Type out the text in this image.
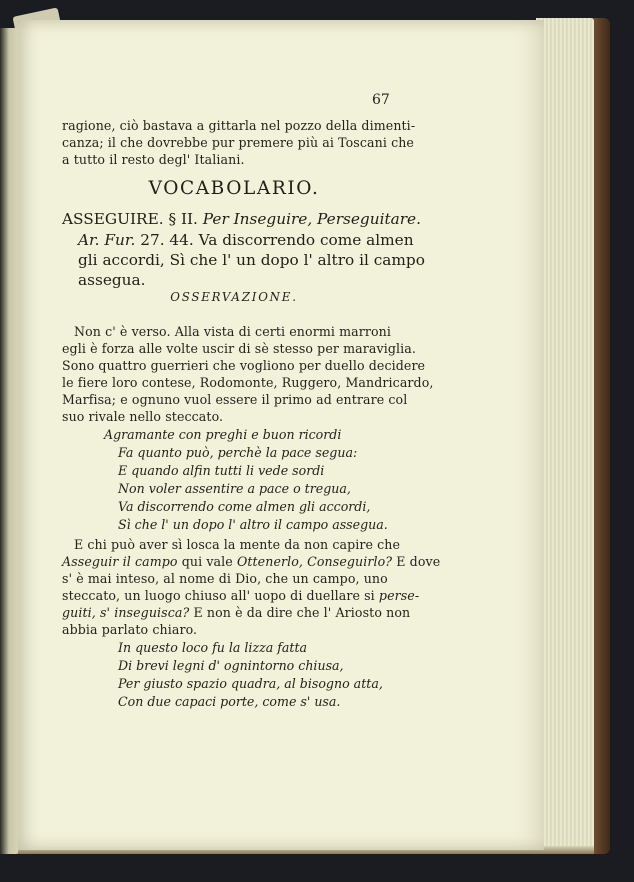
67
ragione, ciò bastava a gittarla nel pozzo della dimenti-
canza; il che dovrebbe pur premere più ai Toscani che
a tutto il resto degl' Italiani.
VOCABOLARIO.
ASSEGUIRE. § II. Per Inseguire, Perseguitare.
Ar. Fur. 27. 44. Va discorrendo come almen
gli accordi, Sì che l' un dopo l' altro il campo
assegua.
OSSERVAZIONE.
Non c' è verso. Alla vista di certi enormi marroni
egli è forza alle volte uscir di sè stesso per maraviglia.
Sono quattro guerrieri che vogliono per duello decidere
le fiere loro contese, Rodomonte, Ruggero, Mandricardo,
Marfisa; e ognuno vuol essere il primo ad entrare col
suo rivale nello steccato.
Agramante con preghi e buon ricordi
Fa quanto può, perchè la pace segua:
E quando alfin tutti li vede sordi
Non voler assentire a pace o tregua,
Va discorrendo come almen gli accordi,
Sì che l' un dopo l' altro il campo assegua.
E chi può aver sì losca la mente da non capire che
Asseguir il campo qui vale Ottenerlo, Conseguirlo? E dove
s' è mai inteso, al nome di Dio, che un campo, uno
steccato, un luogo chiuso all' uopo di duellare si perse-
guiti, s' inseguisca? E non è da dire che l' Ariosto non
abbia parlato chiaro.
In questo loco fu la lizza fatta
Di brevi legni d' ognintorno chiusa,
Per giusto spazio quadra, al bisogno atta,
Con due capaci porte, come s' usa.
